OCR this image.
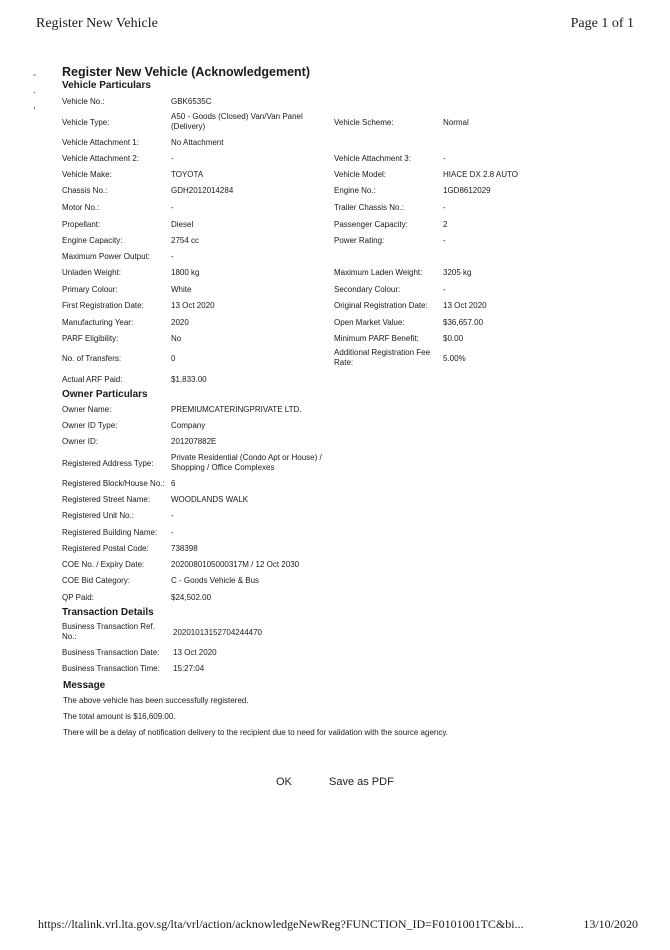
Register New Vehicle	Page 1 of 1
-
.
,
Register New Vehicle (Acknowledgement)
Vehicle Particulars
Vehicle No.:	GBK6535C
Vehicle Type:
A50 - Goods (Closed) Van/Van Panel (Delivery)	Vehicle Scheme:	Normal
Vehicle Attachment 1:	No Attachment
Vehicle Attachment 2:	-	Vehicle Attachment 3:	-
Vehicle Make:	TOYOTA	Vehicle Model:	HIACE DX 2.8 AUTO
Chassis No.:	GDH2012014284	Engine No.:	1GD8612029
Motor No.:	-	Trailer Chassis No.:	-
Propellant:	Diesel	Passenger Capacity:	2
Engine Capacity:	2754 cc	Power Rating:	-
Maximum Power Output:	-
Unladen Weight:	1800 kg	Maximum Laden Weight:	3205 kg
Primary Colour:	White	Secondary Colour:	-
First Registration Date:	13 Oct 2020	Original Registration Date: 13 Oct 2020
Manufacturing Year:	2020	Open Market Value:	$36,657.00
PARF Eligibility:	No	Minimum PARF Benefit:	$0.00
No. of Transfers:	0
Additional Registration Fee Rate:	5.00%
Actual ARF Paid:	$1,833.00
Owner Particulars
Owner Name:	PREMIUMCATERINGPRIVATE LTD.
Owner ID Type:	Company
Owner ID:	201207882E
Registered Address Type:
Private Residential (Condo Apt or House) / Shopping / Office Complexes
Registered Block/House No.: 6
Registered Street Name:	WOODLANDS WALK
Registered Unit No.:	-
Registered Building Name: -
Registered Postal Code:	738398
COE No. / Expiry Date:	2020080105000317M / 12 Oct 2030
COE Bid Category:	C - Goods Vehicle & Bus
QP Paid:	$24,502.00
Transaction Details
Business Transaction Ref. No.:	20201013152704244470
Business Transaction Date: 13 Oct 2020
Business Transaction Time: 15:27:04
Message
The above vehicle has been successfully registered.
The total amount is $16,609.00.
There will be a delay of notification delivery to the recipient due to need for validation with the source agency.
OK	Save as PDF
https://ltalink.vrl.lta.gov.sg/lta/vrl/action/acknowledgeNewReg?FUNCTION_ID=F0101001TC&bi...	13/10/2020
